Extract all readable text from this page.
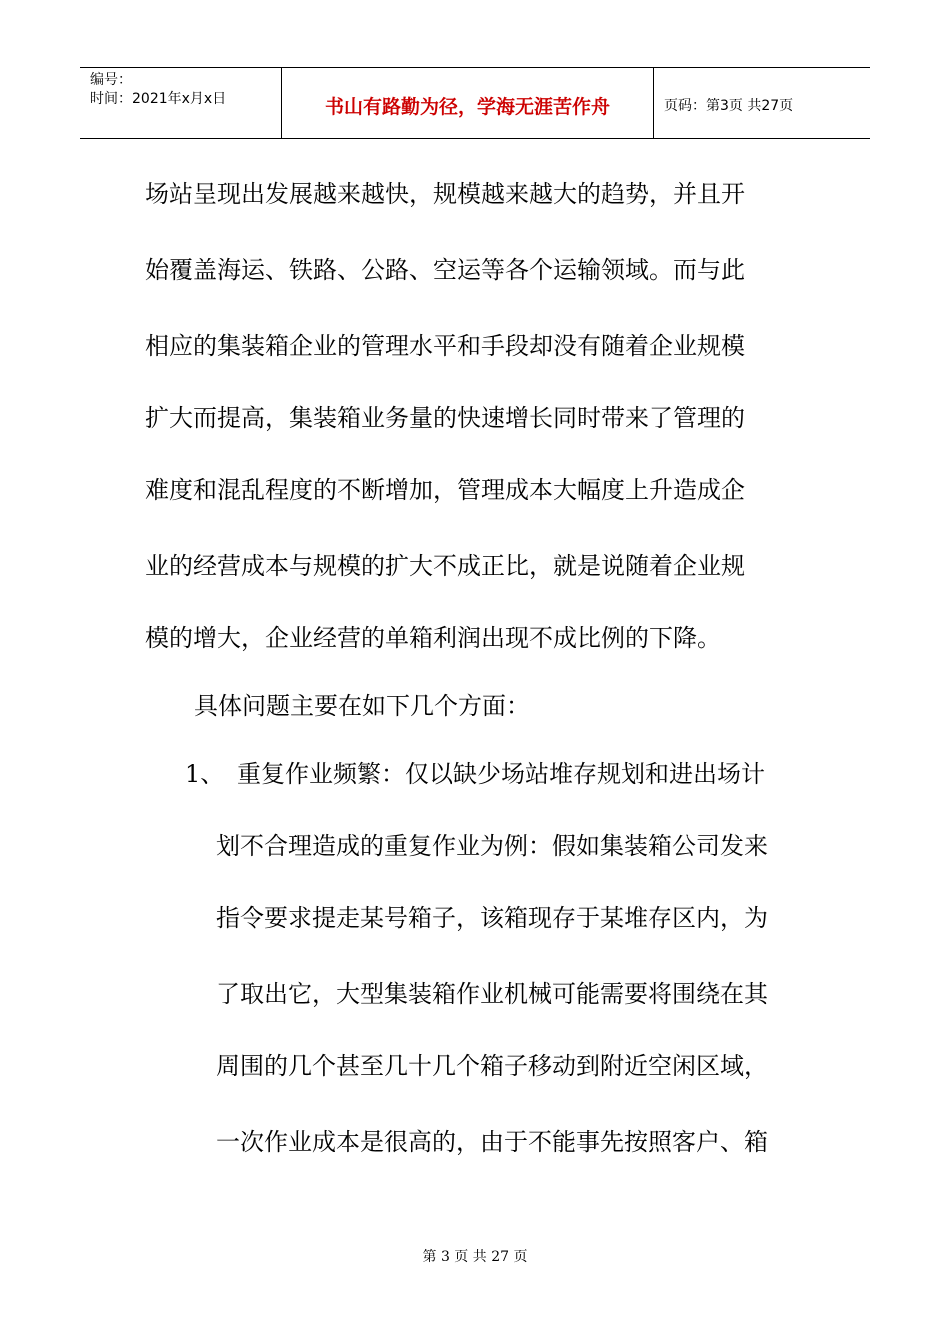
编号：
时间：2021年x月x日	书山有路勤为径，学海无涯苦作舟	页码：第3页 共27页
场站呈现出发展越来越快，规模越来越大的趋势，并且开
始覆盖海运、铁路、公路、空运等各个运输领域。而与此
相应的集装箱企业的管理水平和手段却没有随着企业规模
扩大而提高，集装箱业务量的快速增长同时带来了管理的
难度和混乱程度的不断增加，管理成本大幅度上升造成企
业的经营成本与规模的扩大不成正比，就是说随着企业规
模的增大，企业经营的单箱利润出现不成比例的下降。
具体问题主要在如下几个方面：
1、 重复作业频繁：仅以缺少场站堆存规划和进出场计
划不合理造成的重复作业为例：假如集装箱公司发来
指令要求提走某号箱子，该箱现存于某堆存区内，为
了取出它，大型集装箱作业机械可能需要将围绕在其
周围的几个甚至几十几个箱子移动到附近空闲区域，
一次作业成本是很高的，由于不能事先按照客户、箱
第 3 页 共 27 页
